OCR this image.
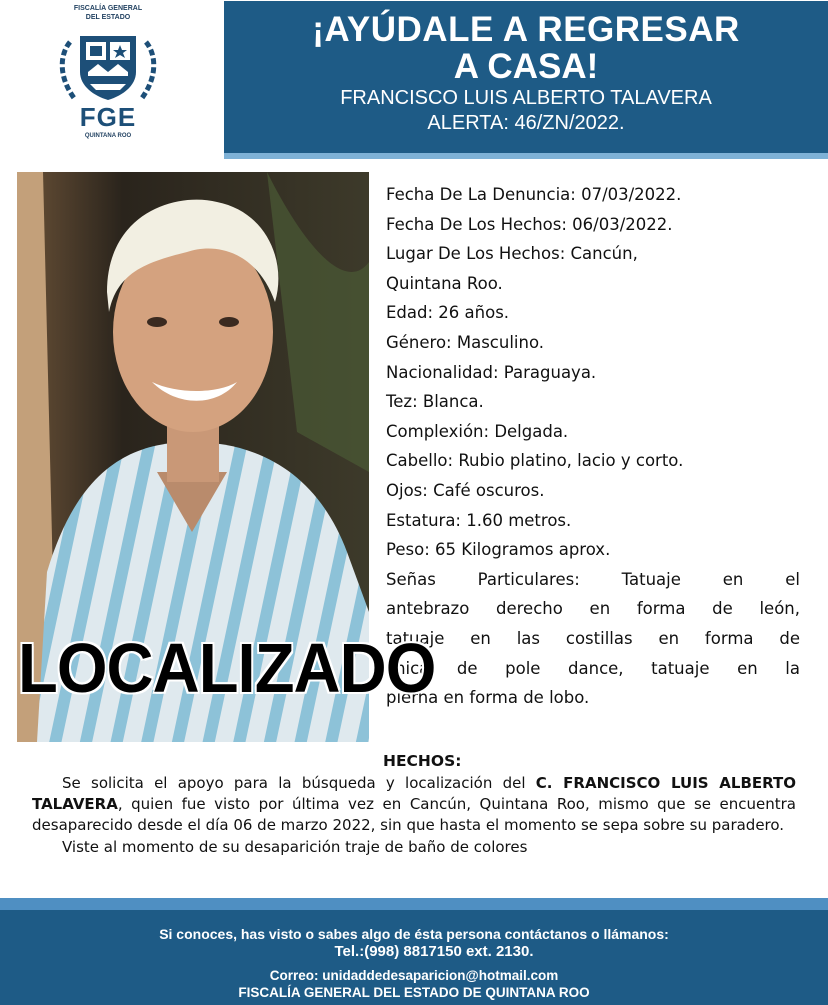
FISCALÍA GENERAL
DEL ESTADO
FGE
QUINTANA ROO
¡AYÚDALE A REGRESAR
A CASA!
FRANCISCO LUIS ALBERTO TALAVERA
ALERTA: 46/ZN/2022.
Fecha De La Denuncia: 07/03/2022.
Fecha De Los Hechos: 06/03/2022.
Lugar De Los Hechos: Cancún,
Quintana Roo.
Edad: 26 años.
Género: Masculino.
Nacionalidad: Paraguaya.
Tez: Blanca.
Complexión: Delgada.
Cabello: Rubio platino, lacio y corto.
Ojos: Café oscuros.
Estatura: 1.60 metros.
Peso: 65 Kilogramos aprox.
Señas Particulares: Tatuaje en el
antebrazo derecho en forma de león,
tatuaje en las costillas en forma de
chica de pole dance, tatuaje en la
pierna en forma de lobo.
LOCALIZADO
HECHOS:

Se solicita el apoyo para la búsqueda y localización del C. FRANCISCO LUIS ALBERTO TALAVERA, quien fue visto por última vez en Cancún, Quintana Roo, mismo que se encuentra desaparecido desde el día 06 de marzo 2022, sin que hasta el momento se sepa sobre su paradero.

Viste al momento de su desaparición traje de baño de colores

Si conoces, has visto o sabes algo de ésta persona contáctanos o llámanos:
Tel.:(998) 8817150 ext. 2130.
Correo: unidaddedesaparicion@hotmail.com
FISCALÍA GENERAL DEL ESTADO DE QUINTANA ROO
